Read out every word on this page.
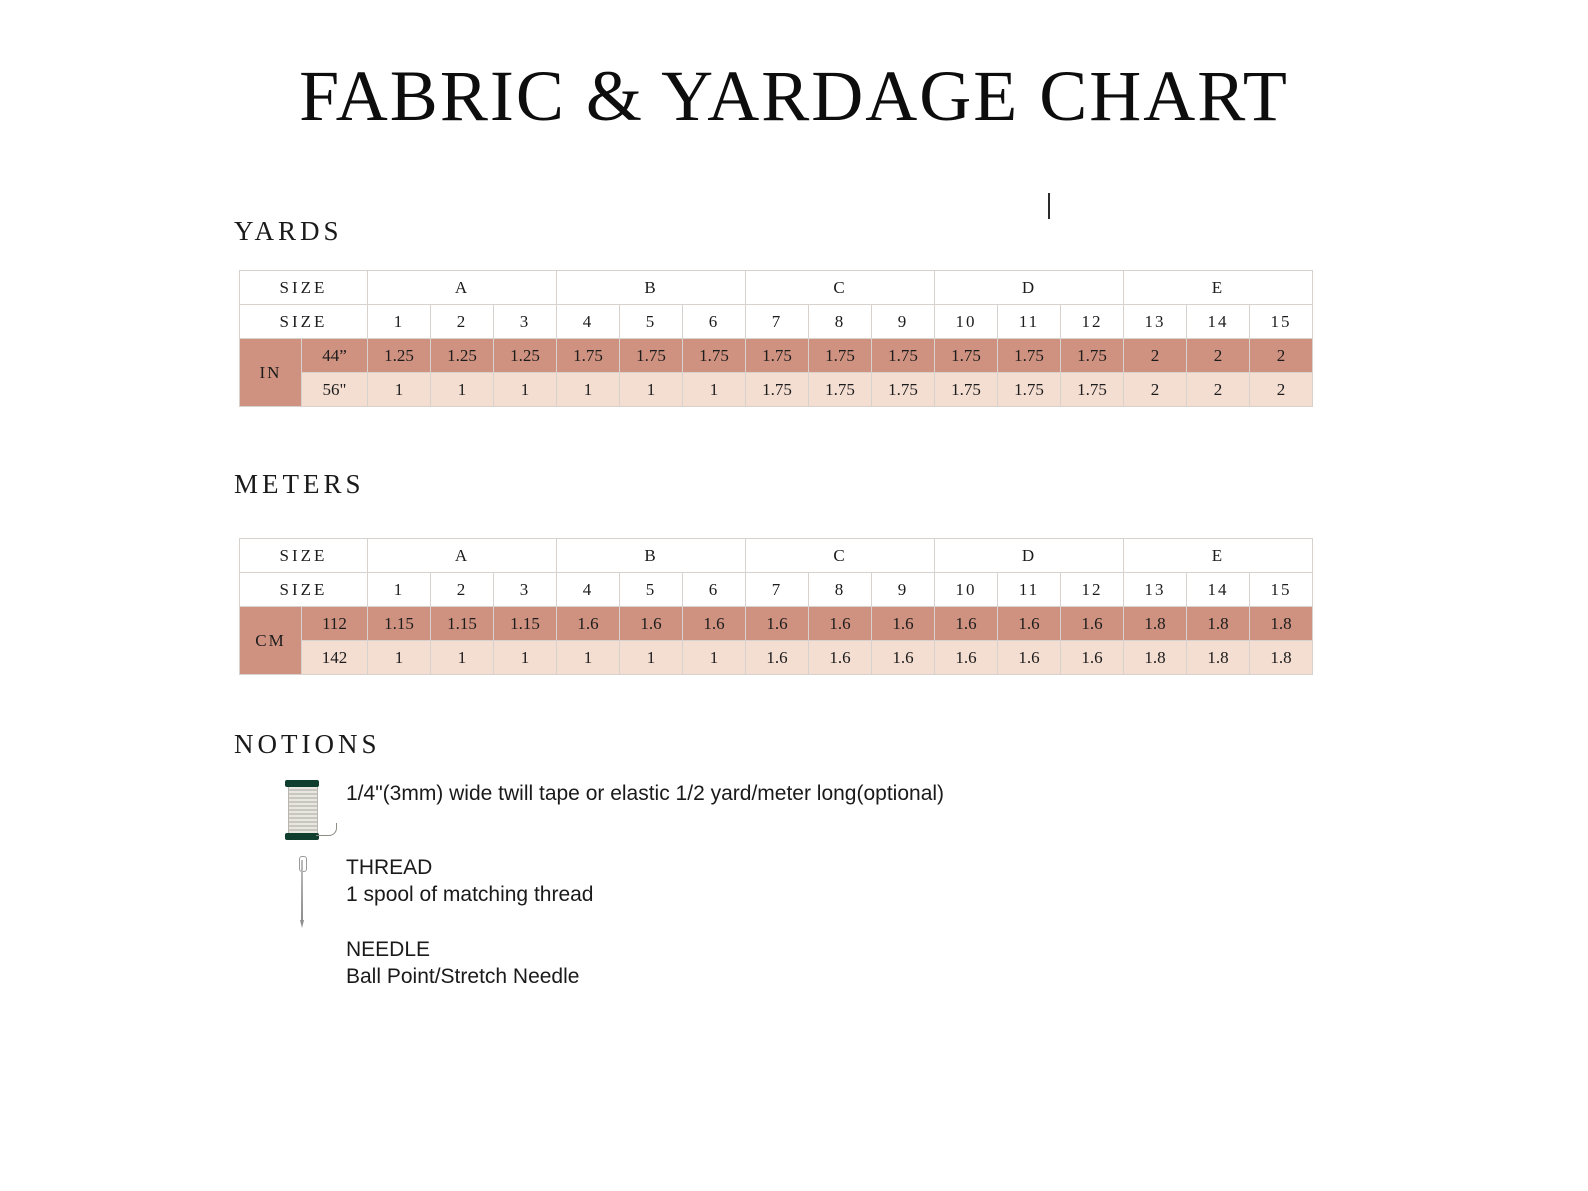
FABRIC & YARDAGE CHART
YARDS
SIZE		A			B			C			D			E		
SIZE		1	2	3	4	5	6	7	8	9	10	11	12	13	14	15
IN	44”	1.25	1.25	1.25	1.75	1.75	1.75	1.75	1.75	1.75	1.75	1.75	1.75	2	2	2
	56"	1	1	1	1	1	1	1.75	1.75	1.75	1.75	1.75	1.75	2	2	2
METERS
SIZE		A			B			C			D			E		
SIZE		1	2	3	4	5	6	7	8	9	10	11	12	13	14	15
CM	112	1.15	1.15	1.15	1.6	1.6	1.6	1.6	1.6	1.6	1.6	1.6	1.6	1.8	1.8	1.8
	142	1	1	1	1	1	1	1.6	1.6	1.6	1.6	1.6	1.6	1.8	1.8	1.8
NOTIONS
1/4"(3mm) wide twill tape or elastic 1/2 yard/meter long(optional)
THREAD
1 spool of matching thread
NEEDLE
Ball Point/Stretch Needle
